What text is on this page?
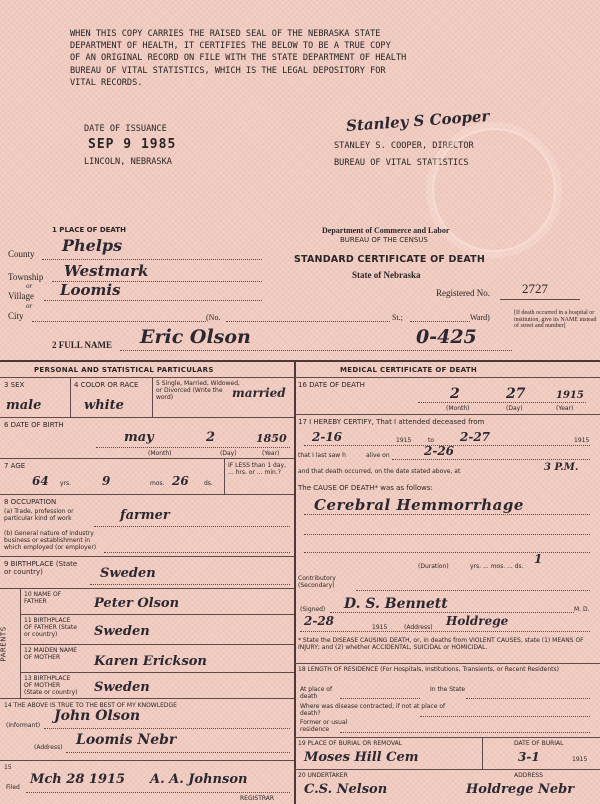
WHEN THIS COPY CARRIES THE RAISED SEAL OF THE NEBRASKA STATE
DEPARTMENT OF HEALTH, IT CERTIFIES THE BELOW TO BE A TRUE COPY
OF AN ORIGINAL RECORD ON FILE WITH THE STATE DEPARTMENT OF HEALTH
BUREAU OF VITAL STATISTICS, WHICH IS THE LEGAL DEPOSITORY FOR
VITAL RECORDS.
DATE OF ISSUANCE
SEP 9 1985
LINCOLN, NEBRASKA
Stanley S Cooper
STANLEY S. COOPER, DIRECTOR
BUREAU OF VITAL STATISTICS
1 PLACE OF DEATH	Department of Commerce and Labor
BUREAU OF THE CENSUS
STANDARD CERTIFICATE OF DEATH
State of Nebraska
Registered No. 2727
County Phelps
Township Westmark
or
Village Loomis
or
City	(No.	St.;	Ward)	[If death occurred in a hospital or institution, give its NAME instead of street and number]
2 FULL NAME Eric Olson	0-425
PERSONAL AND STATISTICAL PARTICULARS	MEDICAL CERTIFICATE OF DEATH
3 SEX
male
4 COLOR OR RACE
white
5 Single, Married, Widowed, or Divorced (Write the word)	married
16 DATE OF DEATH
2	27	1915
(Month)	(Day)	(Year)
6 DATE OF BIRTH
may	2	1850
(Month)	(Day)	(Year)
17 I HEREBY CERTIFY, That I attended deceased from
2-16	1915	to 2-27	1915
that I last saw h	alive on	2-26
and that death occurred, on the date stated above, at	3 P.M.
7 AGE
64 yrs.	9	mos. 26	ds.
IF LESS than 1 day, ... hrs. or ... min.?
The CAUSE OF DEATH* was as follows:
Cerebral Hemmorrhage
(Duration)
1
yrs. ... mos. ... ds.
8 OCCUPATION
(a) Trade, profession or particular kind of work	farmer
(b) General nature of industry business or establishment in which employed (or employer)
9 BIRTHPLACE (State or country)	Sweden
PARENTS
10 NAME OF FATHER	Peter Olson
11 BIRTHPLACE OF FATHER (State or country)	Sweden
12 MAIDEN NAME OF MOTHER	Karen Erickson
13 BIRTHPLACE OF MOTHER (State or country) Sweden
Contributory (Secondary)
(Signed) D. S. Bennett	M. D.
2-28	1915	(Address) Holdrege
* State the DISEASE CAUSING DEATH, or, in deaths from VIOLENT CAUSES, state (1) MEANS OF INJURY; and (2) whether ACCIDENTAL, SUICIDAL or HOMICIDAL.
18 LENGTH OF RESIDENCE (For Hospitals, Institutions, Transients, or Recent Residents)
At place of death
In the State
Where was disease contracted, if not at place of death?
Former or usual residence
14 THE ABOVE IS TRUE TO THE BEST OF MY KNOWLEDGE
(Informant)
John Olson
(Address) Loomis Nebr
15
Filed
Mch 28 1915 A. A. Johnson
REGISTRAR
19 PLACE OF BURIAL OR REMOVAL
Moses Hill Cem
DATE OF BURIAL
3-1	1915
20 UNDERTAKER
C.S. Nelson
ADDRESS
Holdrege Nebr
